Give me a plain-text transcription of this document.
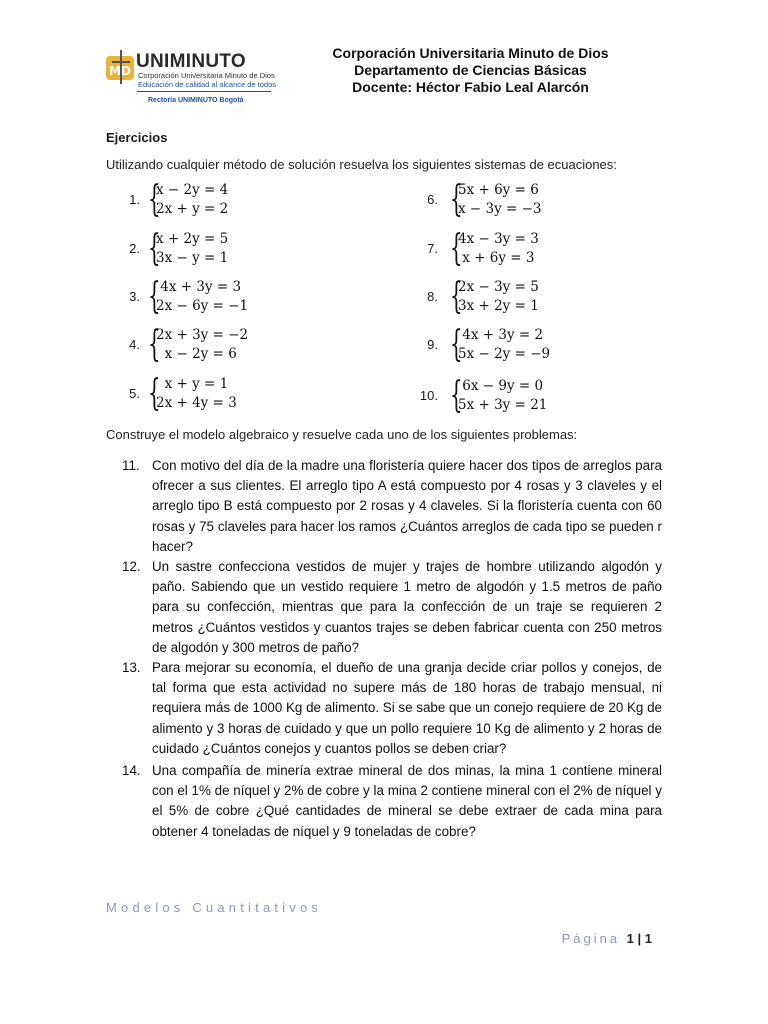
MD UNIMINUTO
Corporación Universitaria Minuto de Dios
Educación de calidad al alcance de todos
Rectoría UNIMINUTO Bogotá
Corporación Universitaria Minuto de Dios
Departamento de Ciencias Básicas
Docente: Héctor Fabio Leal Alarcón
Ejercicios
Utilizando cualquier método de solución resuelva los siguientes sistemas de ecuaciones:
1. {
x − 2y = 4
2x + y = 2
2. {
x + 2y = 5
3x − y = 1
3. {
4x + 3y = 3
2x − 6y = −1
4. {
2x + 3y = −2
x − 2y = 6
5. {
x + y = 1
2x + 4y = 3
6. {
5x + 6y = 6
x − 3y = −3
7. {
4x − 3y = 3
x + 6y = 3
8. {
2x − 3y = 5
3x + 2y = 1
9. {
4x + 3y = 2
5x − 2y = −9
10. {
6x − 9y = 0
5x + 3y = 21
Construye el modelo algebraico y resuelve cada uno de los siguientes problemas:
11. Con motivo del día de la madre una floristería quiere hacer dos tipos de arreglos para ofrecer a sus clientes. El arreglo tipo A está compuesto por 4 rosas y 3 claveles y el arreglo tipo B está compuesto por 2 rosas y 4 claveles. Si la floristería cuenta con 60 rosas y 75 claveles para hacer los ramos ¿Cuántos arreglos de cada tipo se pueden r hacer?
12. Un sastre confecciona vestidos de mujer y trajes de hombre utilizando algodón y paño. Sabiendo que un vestido requiere 1 metro de algodón y 1.5 metros de paño para su confección, mientras que para la confección de un traje se requieren 2 metros ¿Cuántos vestidos y cuantos trajes se deben fabricar cuenta con 250 metros de algodón y 300 metros de paño?
13. Para mejorar su economía, el dueño de una granja decide criar pollos y conejos, de tal forma que esta actividad no supere más de 180 horas de trabajo mensual, ni requiera más de 1000 Kg de alimento. Si se sabe que un conejo requiere de 20 Kg de alimento y 3 horas de cuidado y que un pollo requiere 10 Kg de alimento y 2 horas de cuidado ¿Cuántos conejos y cuantos pollos se deben criar?
14. Una compañía de minería extrae mineral de dos minas, la mina 1 contiene mineral con el 1% de níquel y 2% de cobre y la mina 2 contiene mineral con el 2% de níquel y el 5% de cobre ¿Qué cantidades de mineral se debe extraer de cada mina para obtener 4 toneladas de níquel y 9 toneladas de cobre?
Modelos Cuantitativos
Página 1 | 1
